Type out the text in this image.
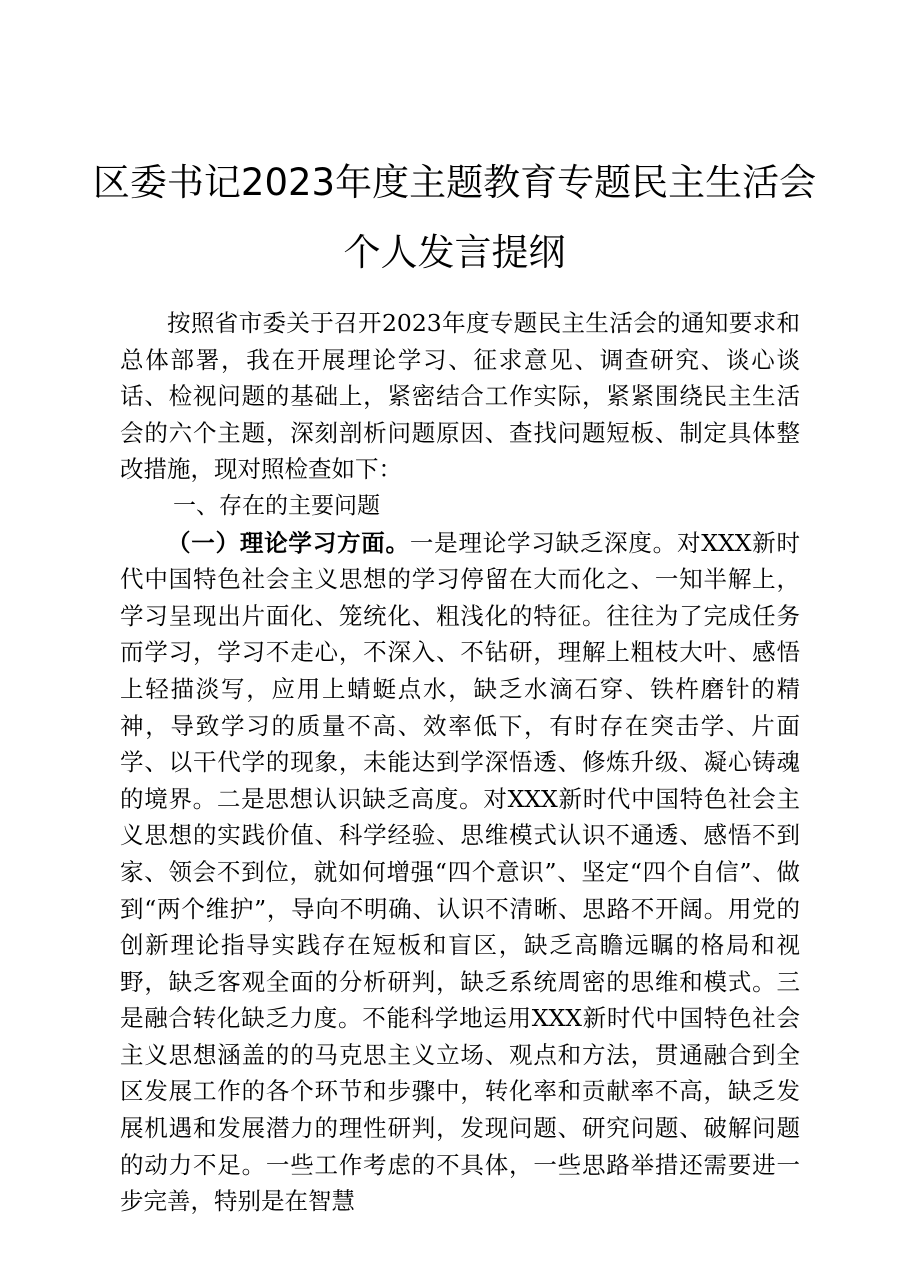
区委书记2023年度主题教育专题民主生活会
个人发言提纲

按照省市委关于召开2023年度专题民主生活会的通知要求和总体部署，我在开展理论学习、征求意见、调查研究、谈心谈话、检视问题的基础上，紧密结合工作实际，紧紧围绕民主生活会的六个主题，深刻剖析问题原因、查找问题短板、制定具体整改措施，现对照检查如下：

一、存在的主要问题

（一）理论学习方面。一是理论学习缺乏深度。对XXX新时代中国特色社会主义思想的学习停留在大而化之、一知半解上，学习呈现出片面化、笼统化、粗浅化的特征。往往为了完成任务而学习，学习不走心，不深入、不钻研，理解上粗枝大叶、感悟上轻描淡写，应用上蜻蜓点水，缺乏水滴石穿、铁杵磨针的精神，导致学习的质量不高、效率低下，有时存在突击学、片面学、以干代学的现象，未能达到学深悟透、修炼升级、凝心铸魂的境界。二是思想认识缺乏高度。对XXX新时代中国特色社会主义思想的实践价值、科学经验、思维模式认识不通透、感悟不到家、领会不到位，就如何增强“四个意识”、坚定“四个自信”、做到“两个维护”，导向不明确、认识不清晰、思路不开阔。用党的创新理论指导实践存在短板和盲区，缺乏高瞻远瞩的格局和视野，缺乏客观全面的分析研判，缺乏系统周密的思维和模式。三是融合转化缺乏力度。不能科学地运用XXX新时代中国特色社会主义思想涵盖的的马克思主义立场、观点和方法，贯通融合到全区发展工作的各个环节和步骤中，转化率和贡献率不高，缺乏发展机遇和发展潜力的理性研判，发现问题、研究问题、破解问题的动力不足。一些工作考虑的不具体，一些思路举措还需要进一步完善，特别是在智慧
